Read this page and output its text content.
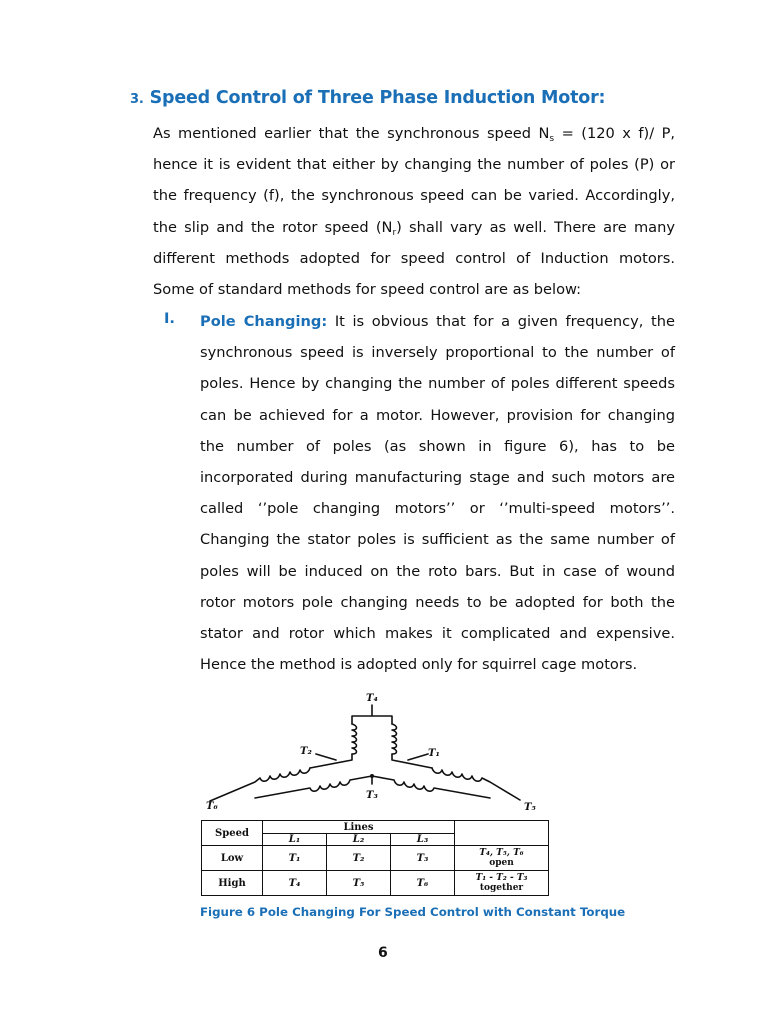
3. Speed Control of Three Phase Induction Motor:
As mentioned earlier that the synchronous speed $N_s = (120$ x f)/ P,
hence it is evident that either by changing the number of poles (P) or
the frequency (f), the synchronous speed can be varied. Accordingly,
the slip and the rotor speed $(N_r)$ shall vary as well. There are many
different methods adopted for speed control of Induction motors.
Some of standard methods for speed control are as below:
I. Pole Changing: It is obvious that for a given frequency, the
synchronous speed is inversely proportional to the number of
poles. Hence by changing the number of poles different speeds
can be achieved for a motor. However, provision for changing
the number of poles (as shown in figure 6), has to be
incorporated during manufacturing stage and such motors are
called ‘’pole changing motors’’ or ‘’multi-speed motors’’.
Changing the stator poles is sufficient as the same number of
poles will be induced on the roto bars. But in case of wound
rotor motors pole changing needs to be adopted for both the
stator and rotor which makes it complicated and expensive.
Hence the method is adopted only for squirrel cage motors.
T₄
T₂	T₁
T₃
T₆	T₅
Speed	Lines			
	L₁	L₂	L₃	
Low	T₁	T₂	T₃	T₄, T₅, T₆
open
High	T₄	T₅	T₆	T₁ - T₂ - T₃
together
Figure 6 Pole Changing For Speed Control with Constant Torque
6
